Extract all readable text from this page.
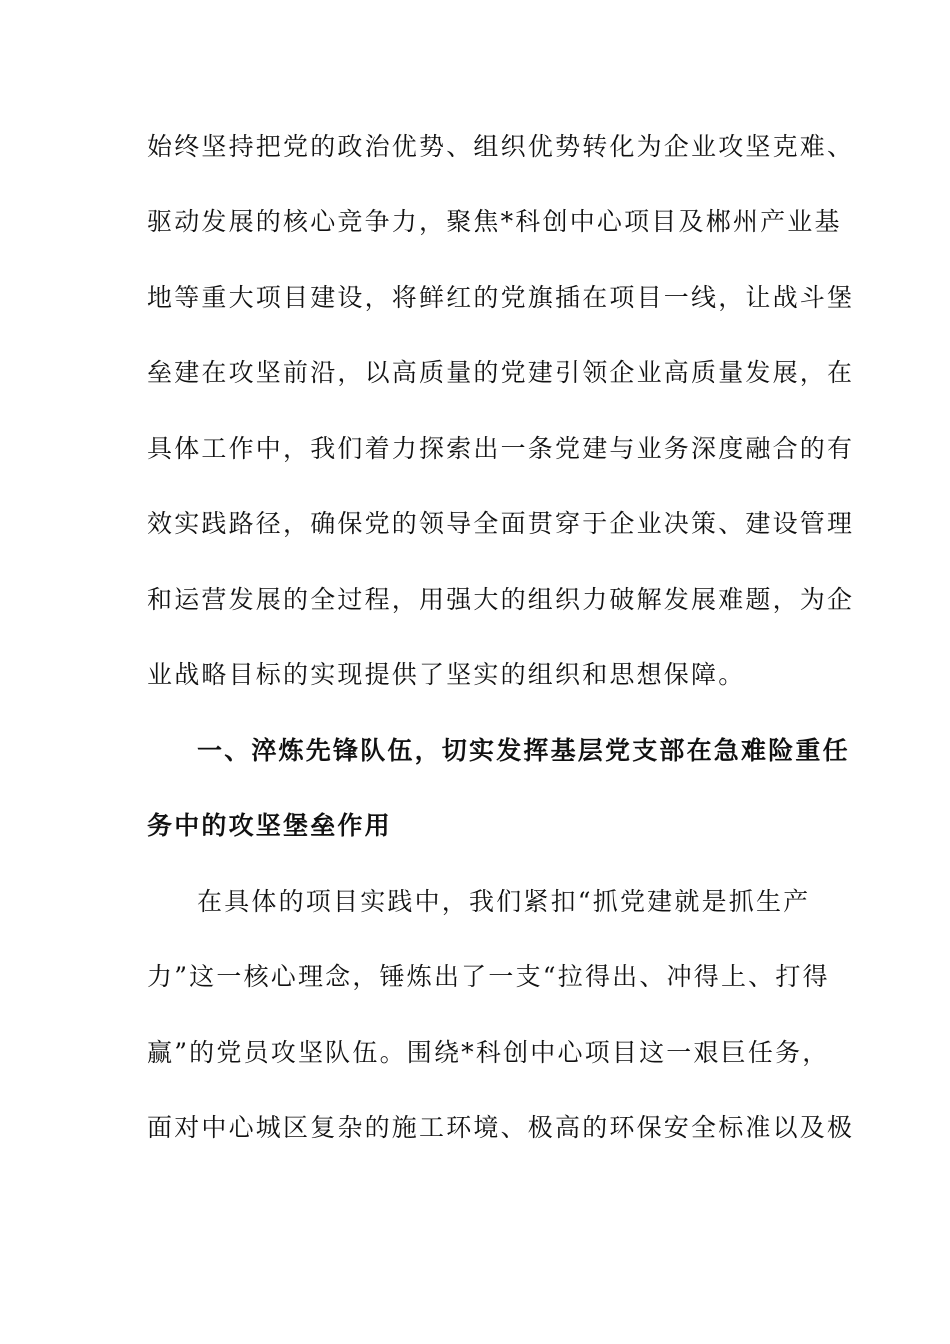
始终坚持把党的政治优势、组织优势转化为企业攻坚克难、
驱动发展的核心竞争力，聚焦*科创中心项目及郴州产业基
地等重大项目建设，将鲜红的党旗插在项目一线，让战斗堡
垒建在攻坚前沿，以高质量的党建引领企业高质量发展，在
具体工作中，我们着力探索出一条党建与业务深度融合的有
效实践路径，确保党的领导全面贯穿于企业决策、建设管理
和运营发展的全过程，用强大的组织力破解发展难题，为企
业战略目标的实现提供了坚实的组织和思想保障。
一、淬炼先锋队伍，切实发挥基层党支部在急难险重任
务中的攻坚堡垒作用
在具体的项目实践中，我们紧扣“抓党建就是抓生产
力”这一核心理念，锤炼出了一支“拉得出、冲得上、打得
赢”的党员攻坚队伍。围绕*科创中心项目这一艰巨任务，
面对中心城区复杂的施工环境、极高的环保安全标准以及极
